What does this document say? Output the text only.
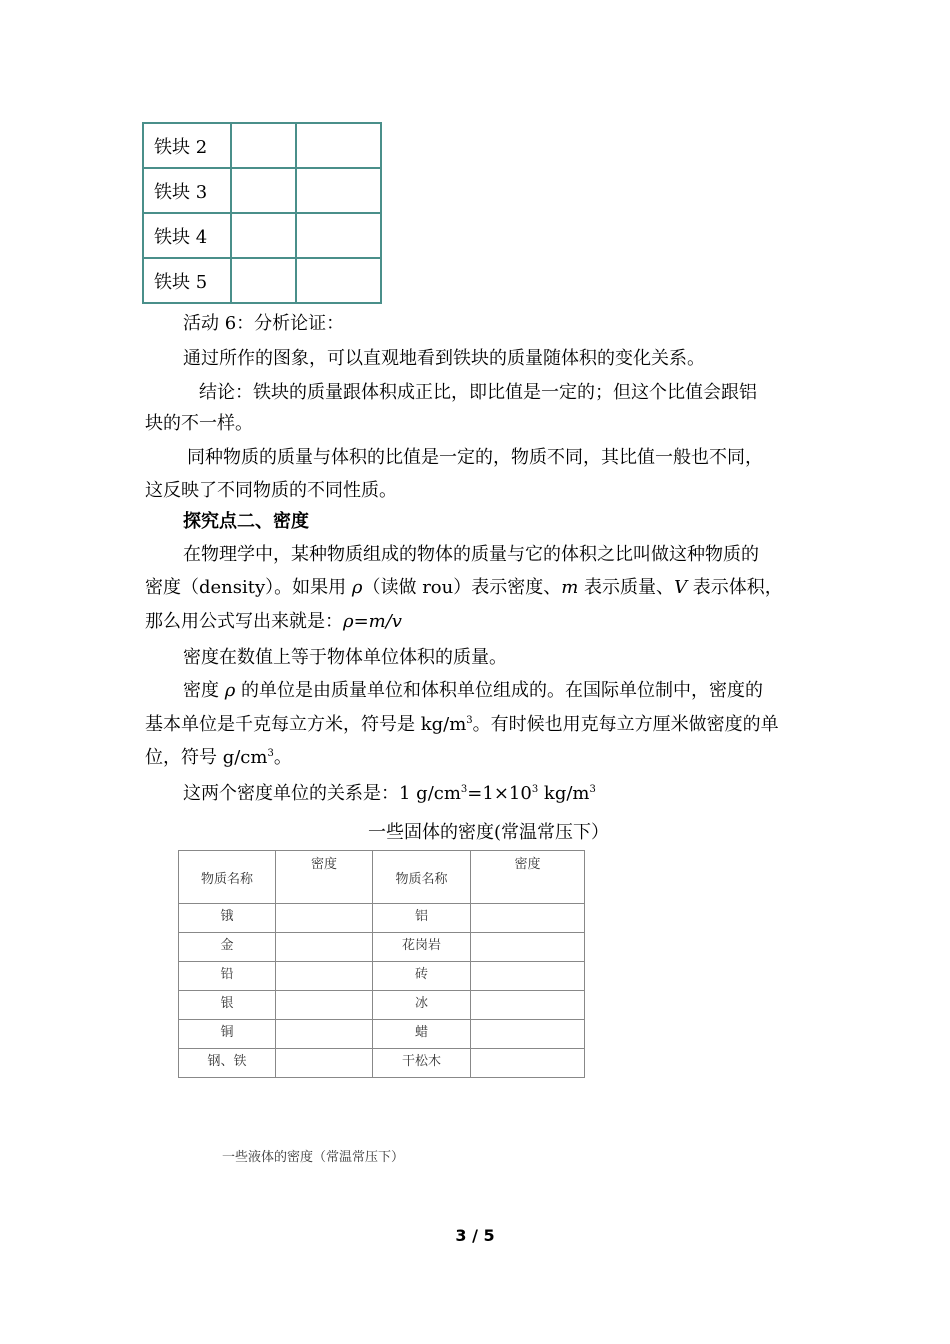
铁块 2		
铁块 3		
铁块 4		
铁块 5		
活动 6：分析论证：
通过所作的图象，可以直观地看到铁块的质量随体积的变化关系。
结论：铁块的质量跟体积成正比，即比值是一定的；但这个比值会跟铝
块的不一样。
同种物质的质量与体积的比值是一定的，物质不同，其比值一般也不同，
这反映了不同物质的不同性质。
探究点二、密度
在物理学中，某种物质组成的物体的质量与它的体积之比叫做这种物质的
密度（density）。如果用 ρ（读做 rou）表示密度、m 表示质量、V 表示体积，
那么用公式写出来就是：ρ=m/v
密度在数值上等于物体单位体积的质量。
密度 ρ 的单位是由质量单位和体积单位组成的。在国际单位制中，密度的
基本单位是千克每立方米，符号是 $kg/m^3$。有时候也用克每立方厘米做密度的单
位，符号 $g/cm^3$。
这两个密度单位的关系是：1 $g/cm^3=1\times 10^3$ $kg/m^3$
一些固体的密度(常温常压下）
物质名称	密度	物质名称	密度
锇		铝	
金		花岗岩	
铅		砖	
银		冰	
铜		蜡	
钢、铁		干松木	
一些液体的密度（常温常压下）
3 / 5
